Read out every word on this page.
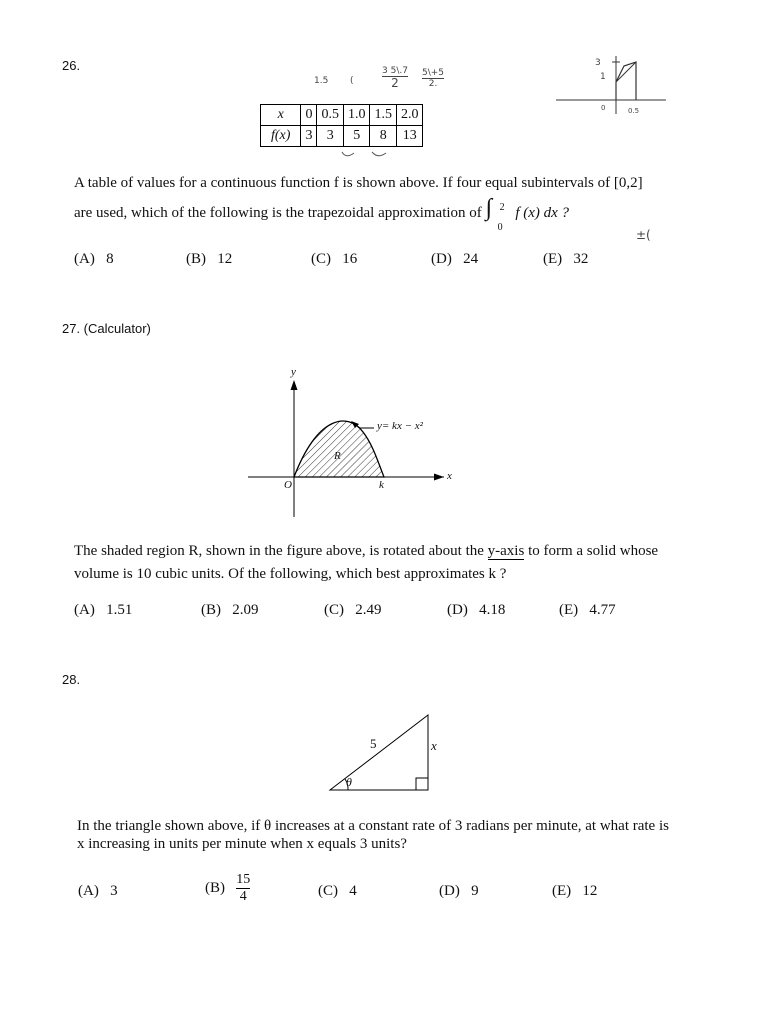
26.
1.5 (
3 5\.7
2
5\+5
2.
x	0	0.5	1.0	1.5	2.0
f(x)	3	3	5	8	13
3
1
0	0.5
±(
A table of values for a continuous function f is shown above. If four equal subintervals of [0,2]
are used, which of the following is the trapezoidal approximation of ∫ 2
0
f (x) dx ?
(A) 8	(B) 12	(C) 16	(D) 24	(E) 32
27. (Calculator)
y
x
O	k
R
y= kx − x²
The shaded region R, shown in the figure above, is rotated about the y-axis to form a solid whose
volume is 10 cubic units. Of the following, which best approximates k ?
(A) 1.51	(B) 2.09	(C) 2.49	(D) 4.18	(E) 4.77
28.
5	x
θ
In the triangle shown above, if θ increases at a constant rate of 3 radians per minute, at what rate is
x increasing in units per minute when x equals 3 units?
(A) 3	(B)
$\frac{15}{4}$	(C) 4	(D) 9	(E) 12
